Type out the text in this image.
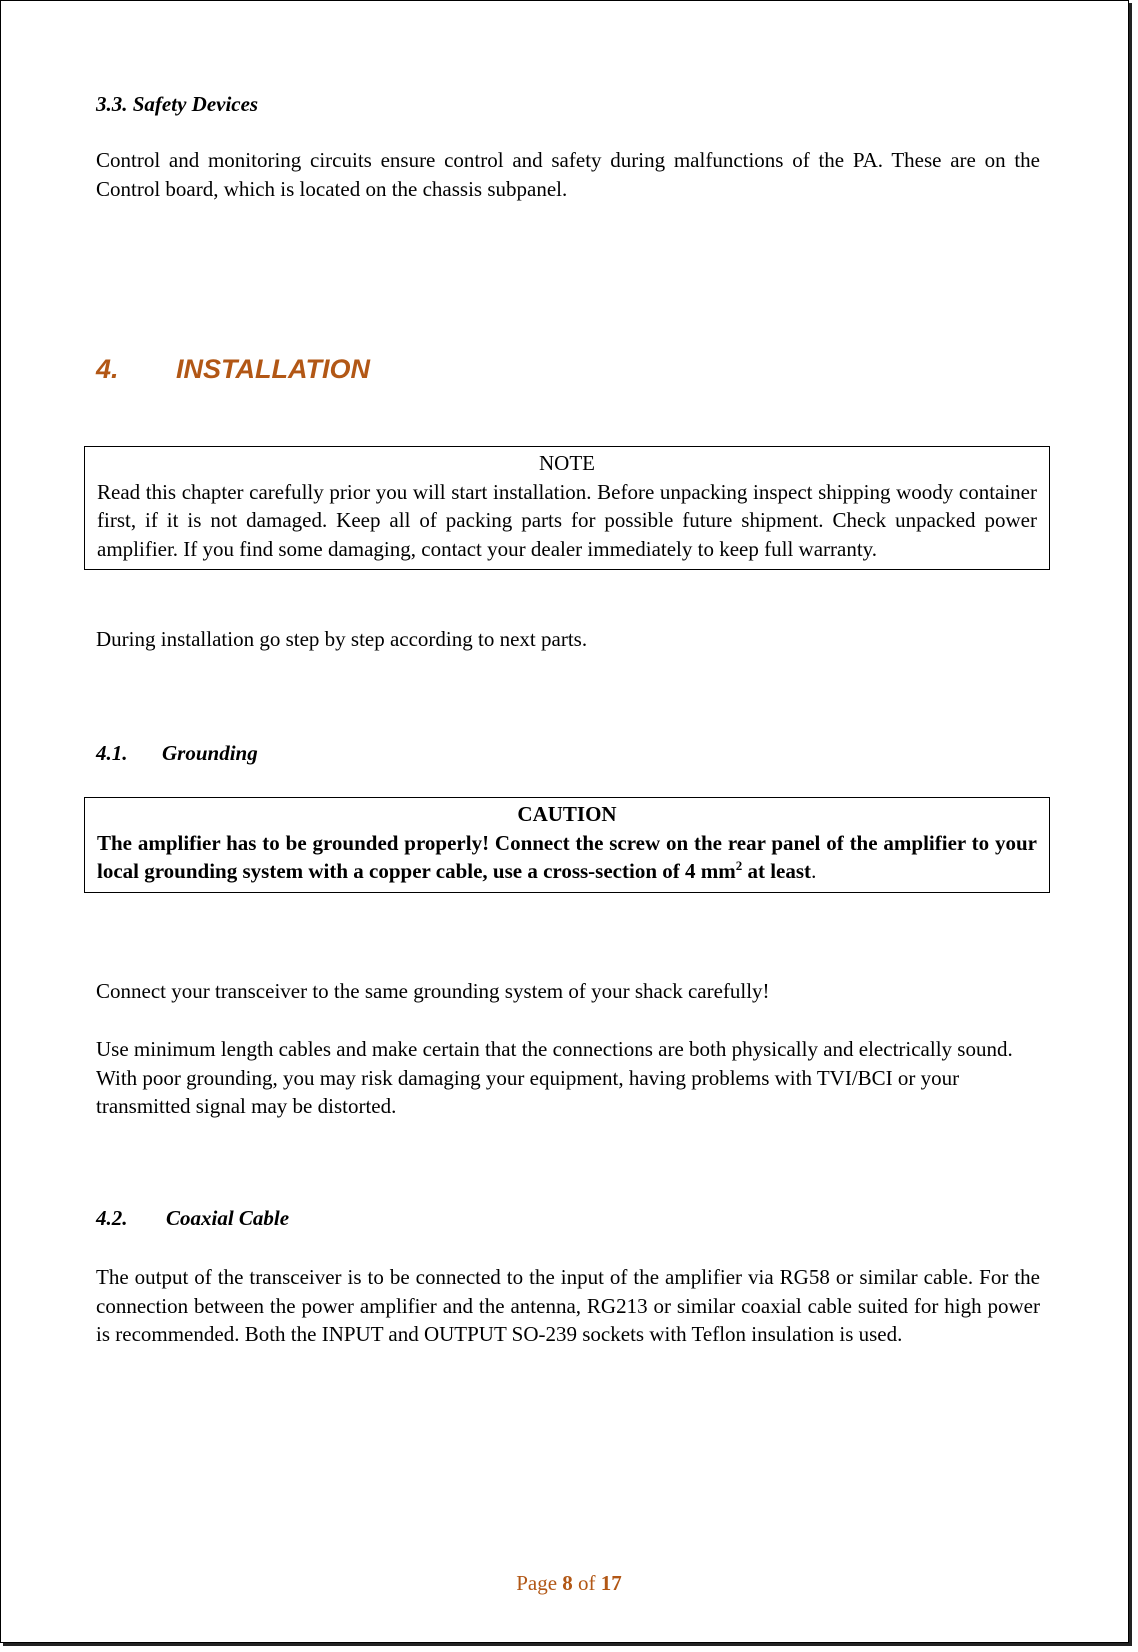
3.3. Safety Devices

Control and monitoring circuits ensure control and safety during malfunctions of the PA. These are on the Control board, which is located on the chassis subpanel.

4. INSTALLATION
NOTE
Read this chapter carefully prior you will start installation. Before unpacking inspect shipping woody container first, if it is not damaged. Keep all of packing parts for possible future shipment. Check unpacked power amplifier. If you find some damaging, contact your dealer immediately to keep full warranty.

During installation go step by step according to next parts.

4.1. Grounding
CAUTION
The amplifier has to be grounded properly! Connect the screw on the rear panel of the amplifier to your local grounding system with a copper cable, use a cross-section of 4 $mm^2$ at least.

Connect your transceiver to the same grounding system of your shack carefully!

Use minimum length cables and make certain that the connections are both physically and electrically sound. With poor grounding, you may risk damaging your equipment, having problems with TVI/BCI or your transmitted signal may be distorted.

4.2. Coaxial Cable

The output of the transceiver is to be connected to the input of the amplifier via RG58 or similar cable. For the connection between the power amplifier and the antenna, RG213 or similar coaxial cable suited for high power is recommended. Both the INPUT and OUTPUT SO-239 sockets with Teflon insulation is used.

Page 8 of 17
